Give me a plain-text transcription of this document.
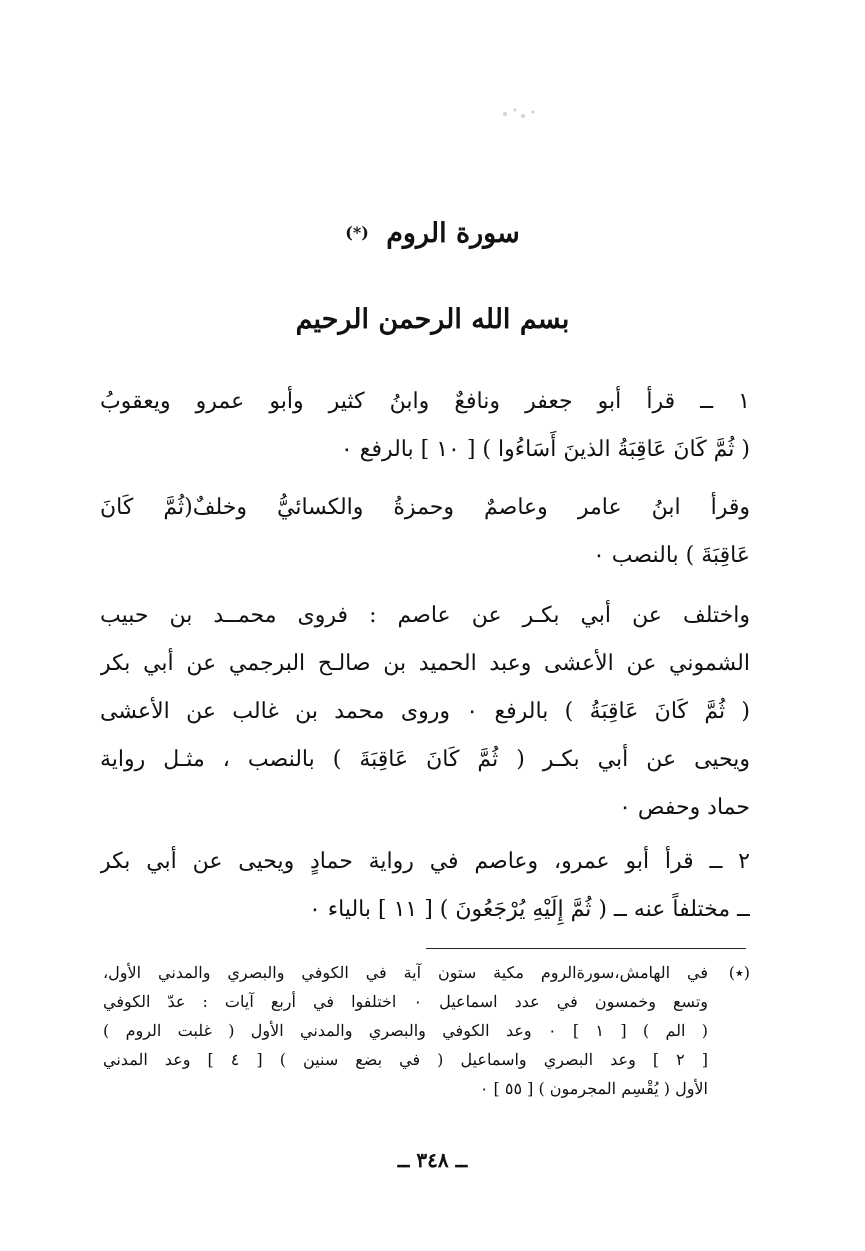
سورة الروم (*)
بسم الله الرحمن الرحيم
١ ــ قرأ أبو جعفر ونافعٌ وابنُ كثير وأبو عمرو ويعقوبُ
( ثُمَّ كَانَ عَاقِبَةُ الذينَ أَسَاءُوا ) [ ١٠ ] بالرفع ٠
وقرأ ابنُ عامر وعاصمٌ وحمزةُ والكسائيُّ وخلفٌ(ثُمَّ كَانَ
عَاقِبَةَ ) بالنصب ٠
واختلف عن أبي بكـر عن عاصم : فروى محمــد بن حبيب
الشموني عن الأعشى وعبد الحميد بن صالـح البرجمي عن أبي بكر
( ثُمَّ كَانَ عَاقِبَةُ ) بالرفع ٠ وروى محمد بن غالب عن الأعشى
ويحيى عن أبي بكـر ( ثُمَّ كَانَ عَاقِبَةَ ) بالنصب ، مثـل رواية
حماد وحفص ٠
٢ ــ قرأ أبو عمرو، وعاصم في رواية حمادٍ ويحيى عن أبي بكر
ــ مختلفاً عنه ــ ( ثُمَّ إِلَيْهِ يُرْجَعُونَ ) [ ١١ ] بالياء ٠
(٭)
في الهامش،سورةالروم مكية ستون آية في الكوفي والبصري والمدني الأول،
وتسع وخمسون في عدد اسماعيل ٠ اختلفوا في أربع آيات : عدّ الكوفي
( الم ) [ ١ ] ٠ وعد الكوفي والبصري والمدني الأول ( غلبت الروم )
[ ٢ ] وعد البصري واسماعيل ( في بضع سنين ) [ ٤ ] وعد المدني
الأول ( يُقْسِم المجرمون ) [ ٥٥ ] ٠
ــ ٣٤٨ ــ
